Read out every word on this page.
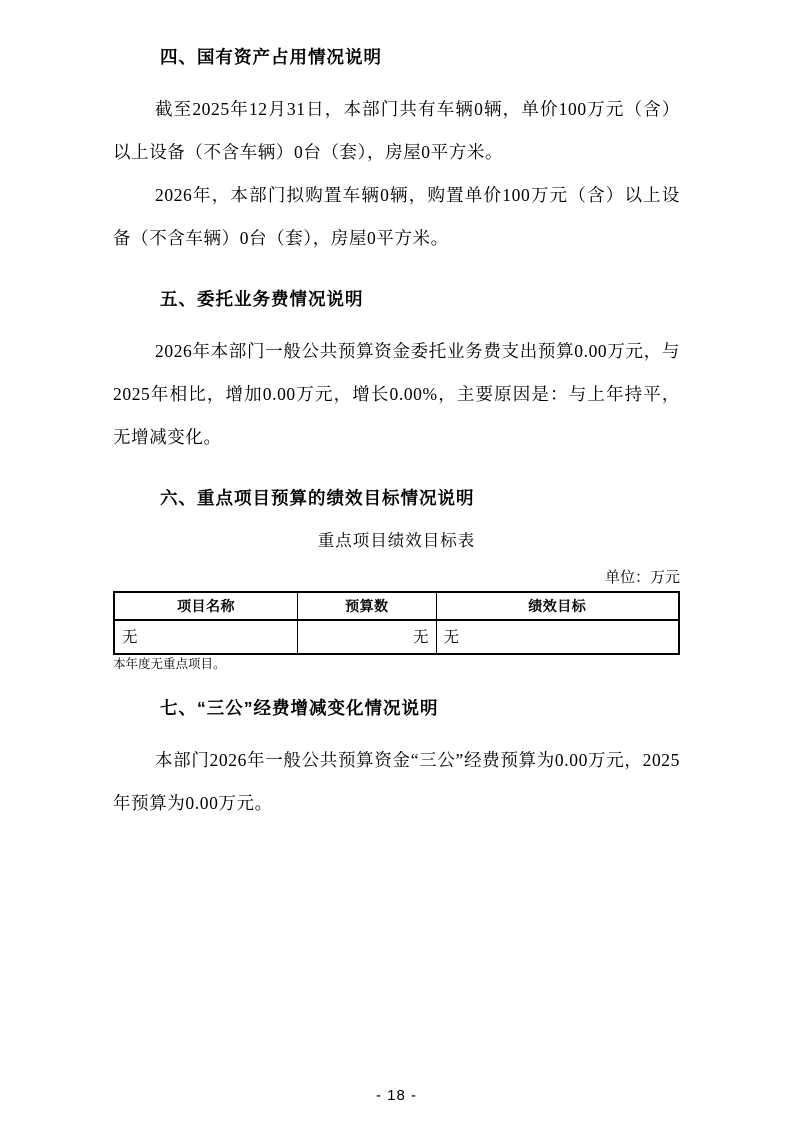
四、国有资产占用情况说明

截至2025年12月31日，本部门共有车辆0辆，单价100万元（含）以上设备（不含车辆）0台（套），房屋0平方米。

2026年，本部门拟购置车辆0辆，购置单价100万元（含）以上设备（不含车辆）0台（套），房屋0平方米。

五、委托业务费情况说明

2026年本部门一般公共预算资金委托业务费支出预算0.00万元，与2025年相比，增加0.00万元，增长0.00%，主要原因是：与上年持平，无增减变化。

六、重点项目预算的绩效目标情况说明

重点项目绩效目标表

单位：万元

项目名称	预算数	绩效目标
无	无	无

本年度无重点项目。

七、“三公”经费增减变化情况说明

本部门2026年一般公共预算资金“三公”经费预算为0.00万元，2025年预算为0.00万元。

- 18 -
